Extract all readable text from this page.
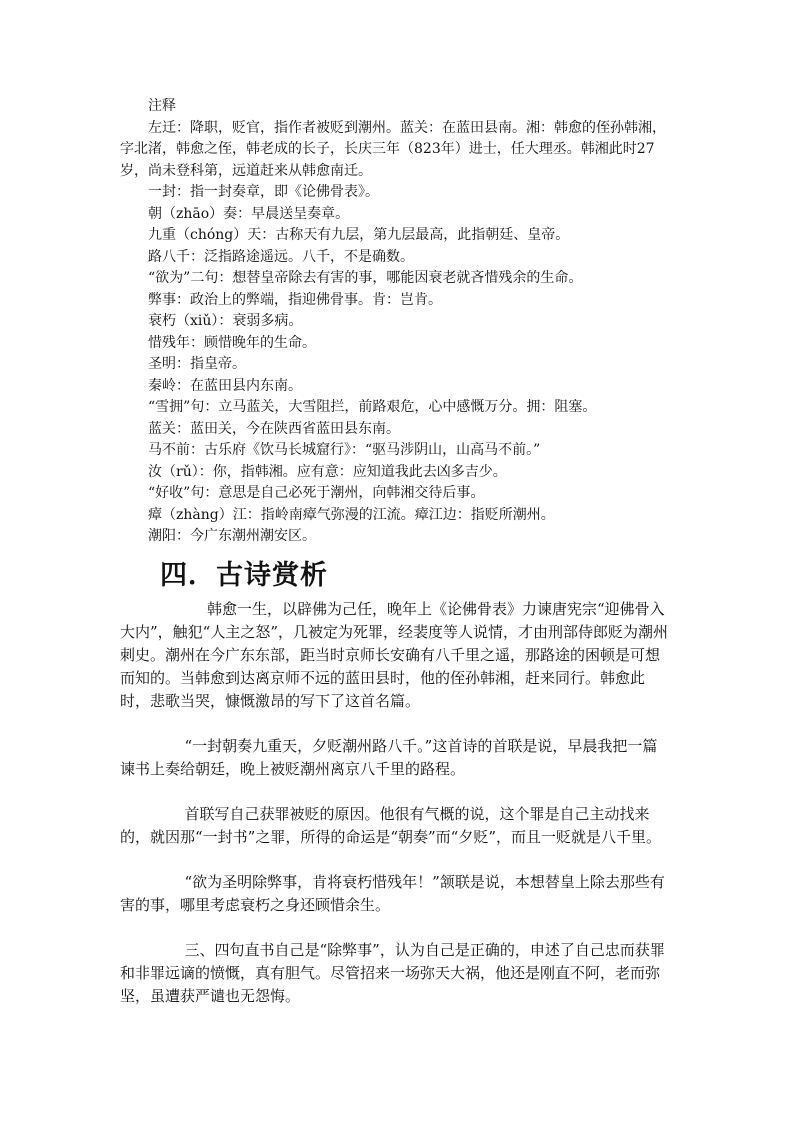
注释

左迁：降职，贬官，指作者被贬到潮州。蓝关：在蓝田县南。湘：韩愈的侄孙韩湘，字北渚，韩愈之侄，韩老成的长子，长庆三年（823年）进士，任大理丞。韩湘此时27岁，尚未登科第，远道赶来从韩愈南迁。

一封：指一封奏章，即《论佛骨表》。

朝（zhāo）奏：早晨送呈奏章。

九重（chóng）天：古称天有九层，第九层最高，此指朝廷、皇帝。

路八千：泛指路途遥远。八千，不是确数。

“欲为”二句：想替皇帝除去有害的事，哪能因衰老就吝惜残余的生命。

弊事：政治上的弊端，指迎佛骨事。肯：岂肯。

衰朽（xiǔ）：衰弱多病。

惜残年：顾惜晚年的生命。

圣明：指皇帝。

秦岭：在蓝田县内东南。

“雪拥”句：立马蓝关，大雪阻拦，前路艰危，心中感慨万分。拥：阻塞。

蓝关：蓝田关，今在陕西省蓝田县东南。

马不前：古乐府《饮马长城窟行》：“驱马涉阴山，山高马不前。”

汝（rǔ）：你，指韩湘。应有意：应知道我此去凶多吉少。

“好收”句：意思是自己必死于潮州，向韩湘交待后事。

瘴（zhàng）江：指岭南瘴气弥漫的江流。瘴江边：指贬所潮州。

潮阳：今广东潮州潮安区。

四．古诗赏析

韩愈一生，以辟佛为己任，晚年上《论佛骨表》力谏唐宪宗“迎佛骨入大内”，触犯“人主之怒”，几被定为死罪，经裴度等人说情，才由刑部侍郎贬为潮州刺史。潮州在今广东东部，距当时京师长安确有八千里之遥，那路途的困顿是可想而知的。当韩愈到达离京师不远的蓝田县时，他的侄孙韩湘，赶来同行。韩愈此时，悲歌当哭，慷慨激昂的写下了这首名篇。

“一封朝奏九重天，夕贬潮州路八千。”这首诗的首联是说，早晨我把一篇谏书上奏给朝廷，晚上被贬潮州离京八千里的路程。

首联写自己获罪被贬的原因。他很有气概的说，这个罪是自己主动找来的，就因那“一封书”之罪，所得的命运是“朝奏”而“夕贬”，而且一贬就是八千里。

“欲为圣明除弊事，肯将衰朽惜残年！”颔联是说，本想替皇上除去那些有害的事，哪里考虑衰朽之身还顾惜余生。

三、四句直书自己是“除弊事”，认为自己是正确的，申述了自己忠而获罪和非罪远谪的愤慨，真有胆气。尽管招来一场弥天大祸，他还是刚直不阿，老而弥坚，虽遭获严谴也无怨悔。
